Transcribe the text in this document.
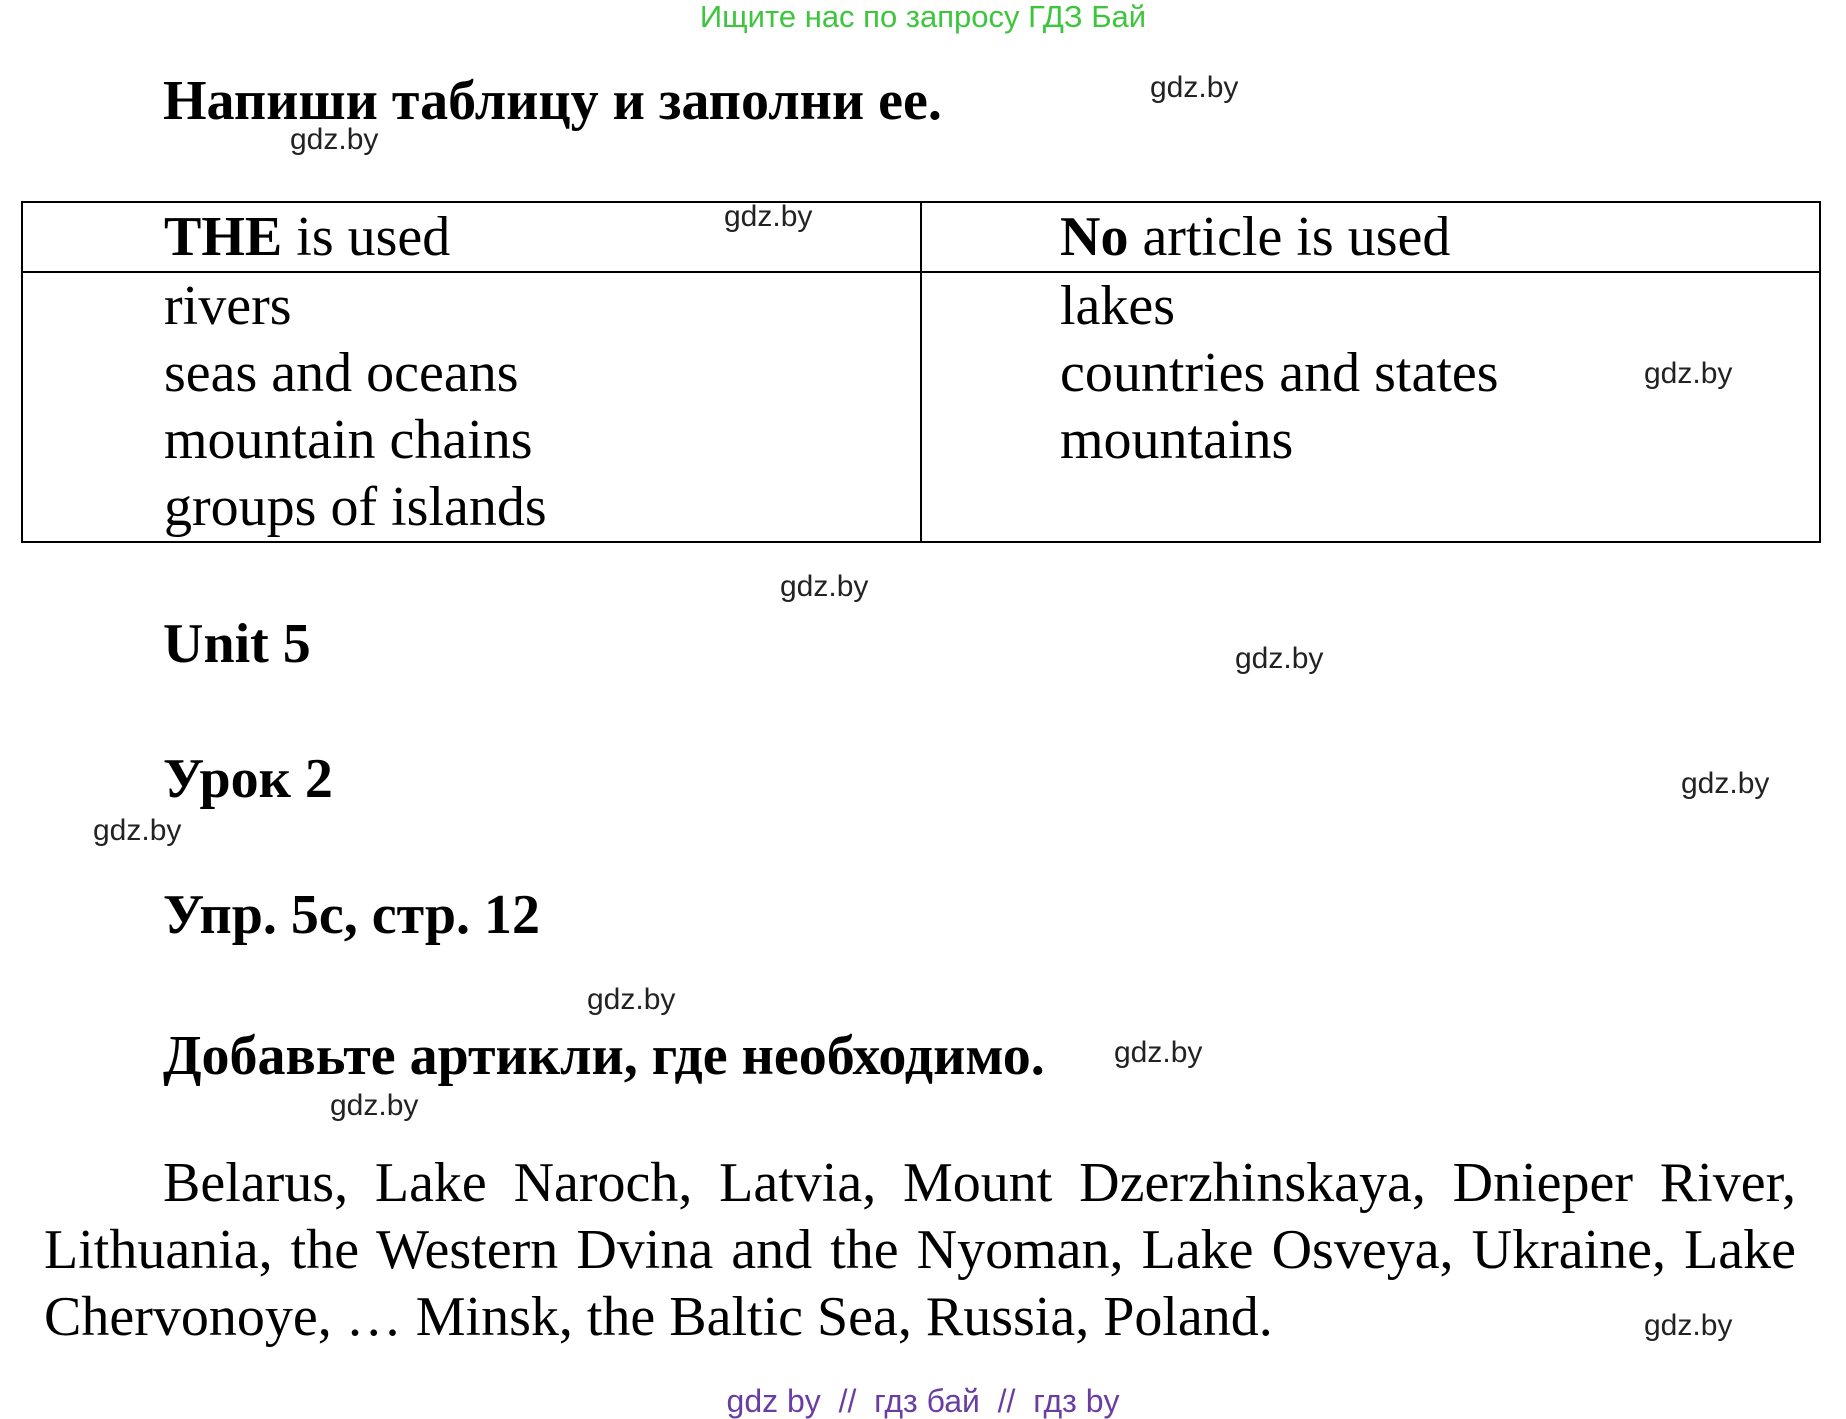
Ищите нас по запросу ГДЗ Бай
Напиши таблицу и заполни ее.
THE is used	No article is used
rivers
seas and oceans
mountain chains
groups of islands
lakes
countries and states
mountains
Unit 5
Урок 2
Упр. 5с, стр. 12
Добавьте артикли, где необходимо.

Belarus, Lake Naroch, Latvia, Mount Dzerzhinskaya, Dnieper River, Lithuania, the Western Dvina and the Nyoman, Lake Osveya, Ukraine, Lake Chervonoye, … Minsk, the Baltic Sea, Russia, Poland.

gdz.by
gdz.by
gdz.by
gdz.by
gdz.by
gdz.by
gdz.by
gdz.by
gdz.by
gdz.by
gdz.by
gdz.by
gdz by  //  гдз бай  //  гдз by
